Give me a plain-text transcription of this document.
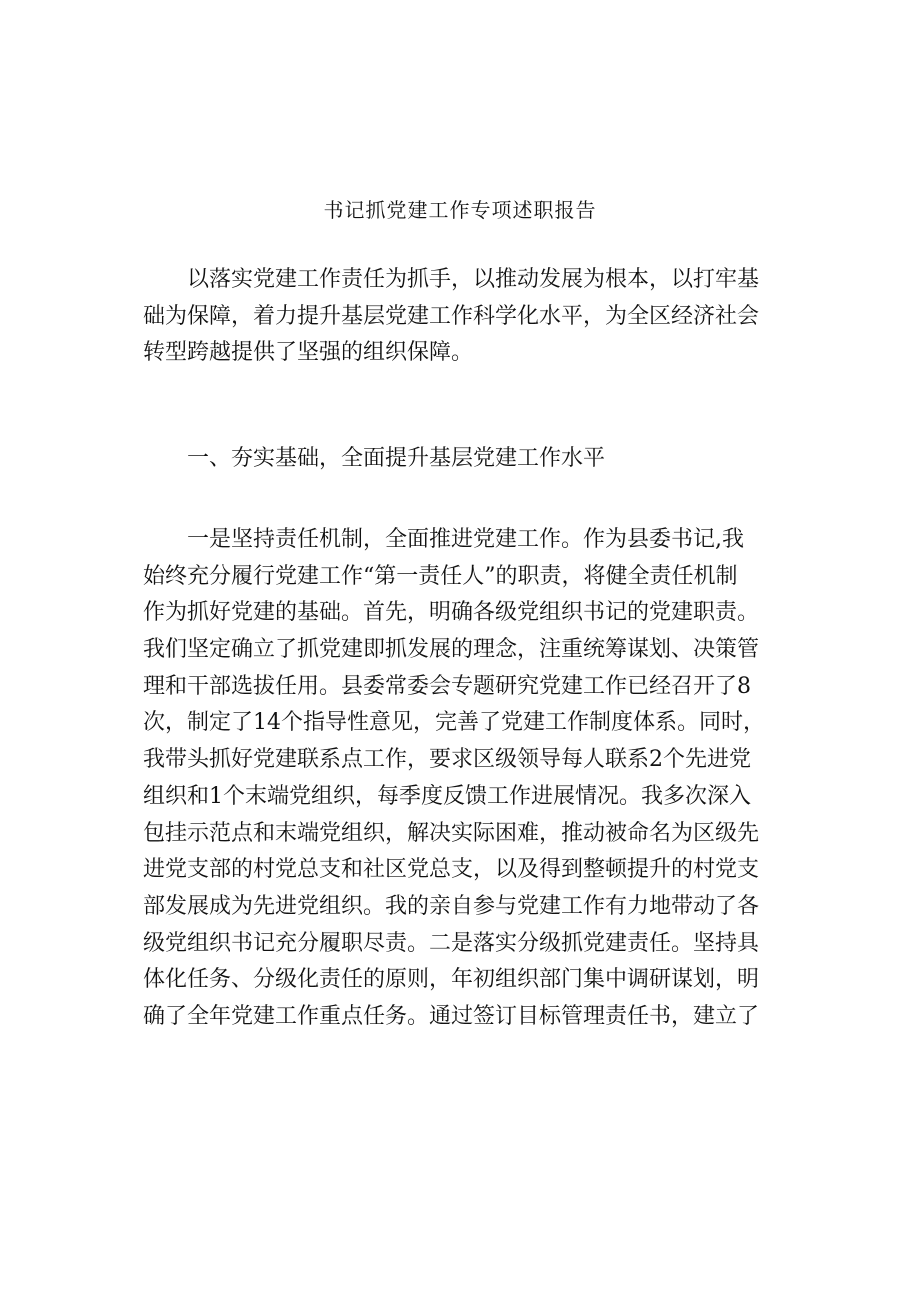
书记抓党建工作专项述职报告
以落实党建工作责任为抓手，以推动发展为根本，以打牢基
础为保障，着力提升基层党建工作科学化水平，为全区经济社会
转型跨越提供了坚强的组织保障。
一、夯实基础，全面提升基层党建工作水平
一是坚持责任机制，全面推进党建工作。作为县委书记,我
始终充分履行党建工作“第一责任人”的职责，将健全责任机制
作为抓好党建的基础。首先，明确各级党组织书记的党建职责。
我们坚定确立了抓党建即抓发展的理念，注重统筹谋划、决策管
理和干部选拔任用。县委常委会专题研究党建工作已经召开了8
次，制定了14个指导性意见，完善了党建工作制度体系。同时，
我带头抓好党建联系点工作，要求区级领导每人联系2个先进党
组织和1个末端党组织，每季度反馈工作进展情况。我多次深入
包挂示范点和末端党组织，解决实际困难，推动被命名为区级先
进党支部的村党总支和社区党总支，以及得到整顿提升的村党支
部发展成为先进党组织。我的亲自参与党建工作有力地带动了各
级党组织书记充分履职尽责。二是落实分级抓党建责任。坚持具
体化任务、分级化责任的原则，年初组织部门集中调研谋划，明
确了全年党建工作重点任务。通过签订目标管理责任书，建立了
